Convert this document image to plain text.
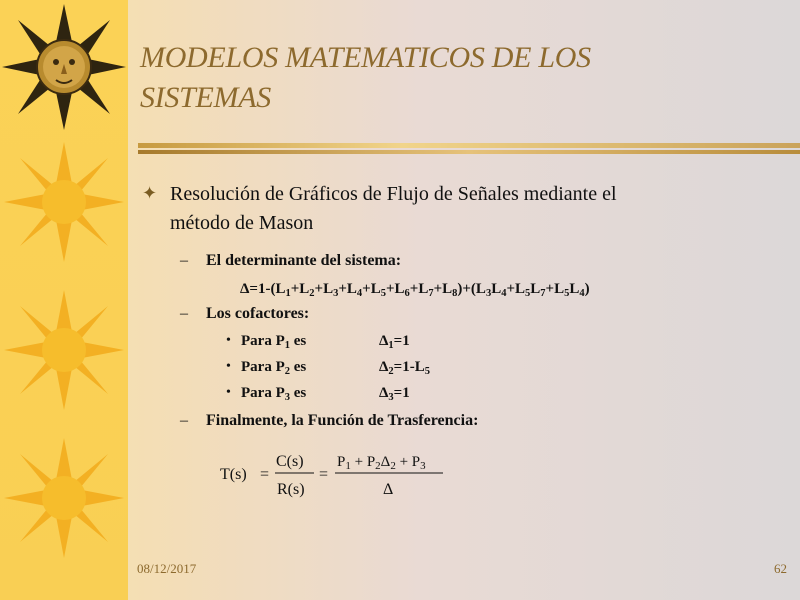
MODELOS MATEMATICOS DE LOS
SISTEMAS
✦ Resolución de Gráficos de Flujo de Señales mediante el
método de Mason
– El determinante del sistema:
$\Delta=1-(L_1+L_2+L_3+L_4+L_5+L_6+L_7+L_8)+(L_3L_4+L_5L_7+L_5L_4)$
– Los cofactores:
• Para $P_1$ es	$\Delta_1=1$
• Para $P_2$ es	$\Delta_2=1-L_5$
• Para $P_3$ es	$\Delta_3=1$
– Finalmente, la Función de Trasferencia:
T(s) =
C(s)
R(s)
=
$P_1 + P_2\Delta_2 + P_3$
Δ
08/12/2017	62
